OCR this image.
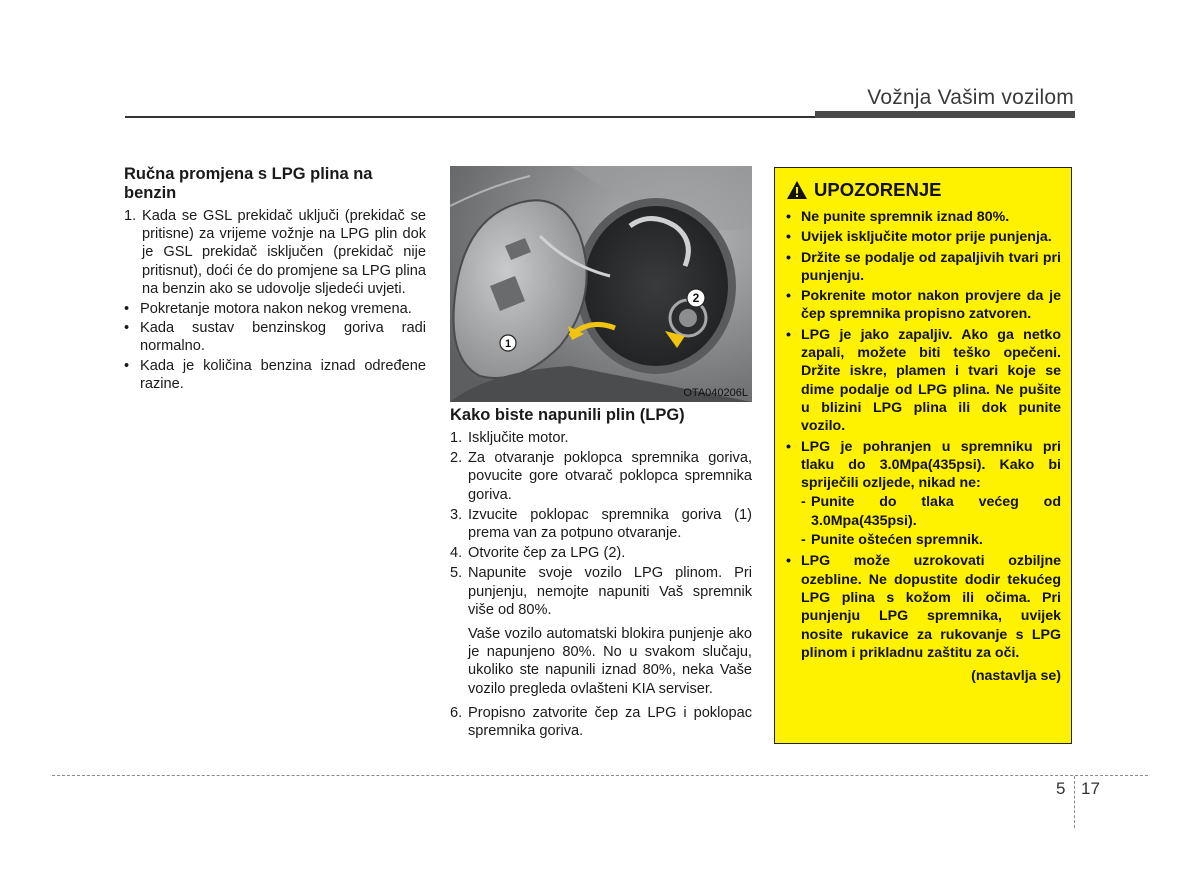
Vožnja Vašim vozilom
Ručna promjena s LPG plina na benzin
1. Kada se GSL prekidač uključi (prekidač se pritisne) za vrijeme vožnje na LPG plin dok je GSL prekidač isključen (prekidač nije pritisnut), doći će do promjene sa LPG plina na benzin ako se udovolje sljedeći uvjeti.
• Pokretanje motora nakon nekog vremena.
• Kada sustav benzinskog goriva radi normalno.
• Kada je količina benzina iznad određene razine.
1
2
OTA040206L
Kako biste napunili plin (LPG)
1. Isključite motor.
2. Za otvaranje poklopca spremnika goriva, povucite gore otvarač poklopca spremnika goriva.
3. Izvucite poklopac spremnika goriva (1) prema van za potpuno otvaranje.
4. Otvorite čep za LPG (2).
5. Napunite svoje vozilo LPG plinom. Pri punjenju, nemojte napuniti Vaš spremnik više od 80%.

Vaše vozilo automatski blokira punjenje ako je napunjeno 80%. No u svakom slučaju, ukoliko ste napunili iznad 80%, neka Vaše vozilo pregleda ovlašteni KIA serviser.

6. Propisno zatvorite čep za LPG i poklopac spremnika goriva.
UPOZORENJE
• Ne punite spremnik iznad 80%.
• Uvijek isključite motor prije punjenja.
• Držite se podalje od zapaljivih tvari pri punjenju.
• Pokrenite motor nakon provjere da je čep spremnika propisno zatvoren.
• LPG je jako zapaljiv. Ako ga netko zapali, možete biti teško opečeni. Držite iskre, plamen i tvari koje se dime podalje od LPG plina. Ne pušite u blizini LPG plina ili dok punite vozilo.
• LPG je pohranjen u spremniku pri tlaku do 3.0Mpa(435psi). Kako bi spriječili ozljede, nikad ne:
- Punite do tlaka većeg od 3.0Mpa(435psi).
- Punite oštećen spremnik.
• LPG može uzrokovati ozbiljne ozebline. Ne dopustite dodir tekućeg LPG plina s kožom ili očima. Pri punjenju LPG spremnika, uvijek nosite rukavice za rukovanje s LPG plinom i prikladnu zaštitu za oči.
(nastavlja se)
5 17
